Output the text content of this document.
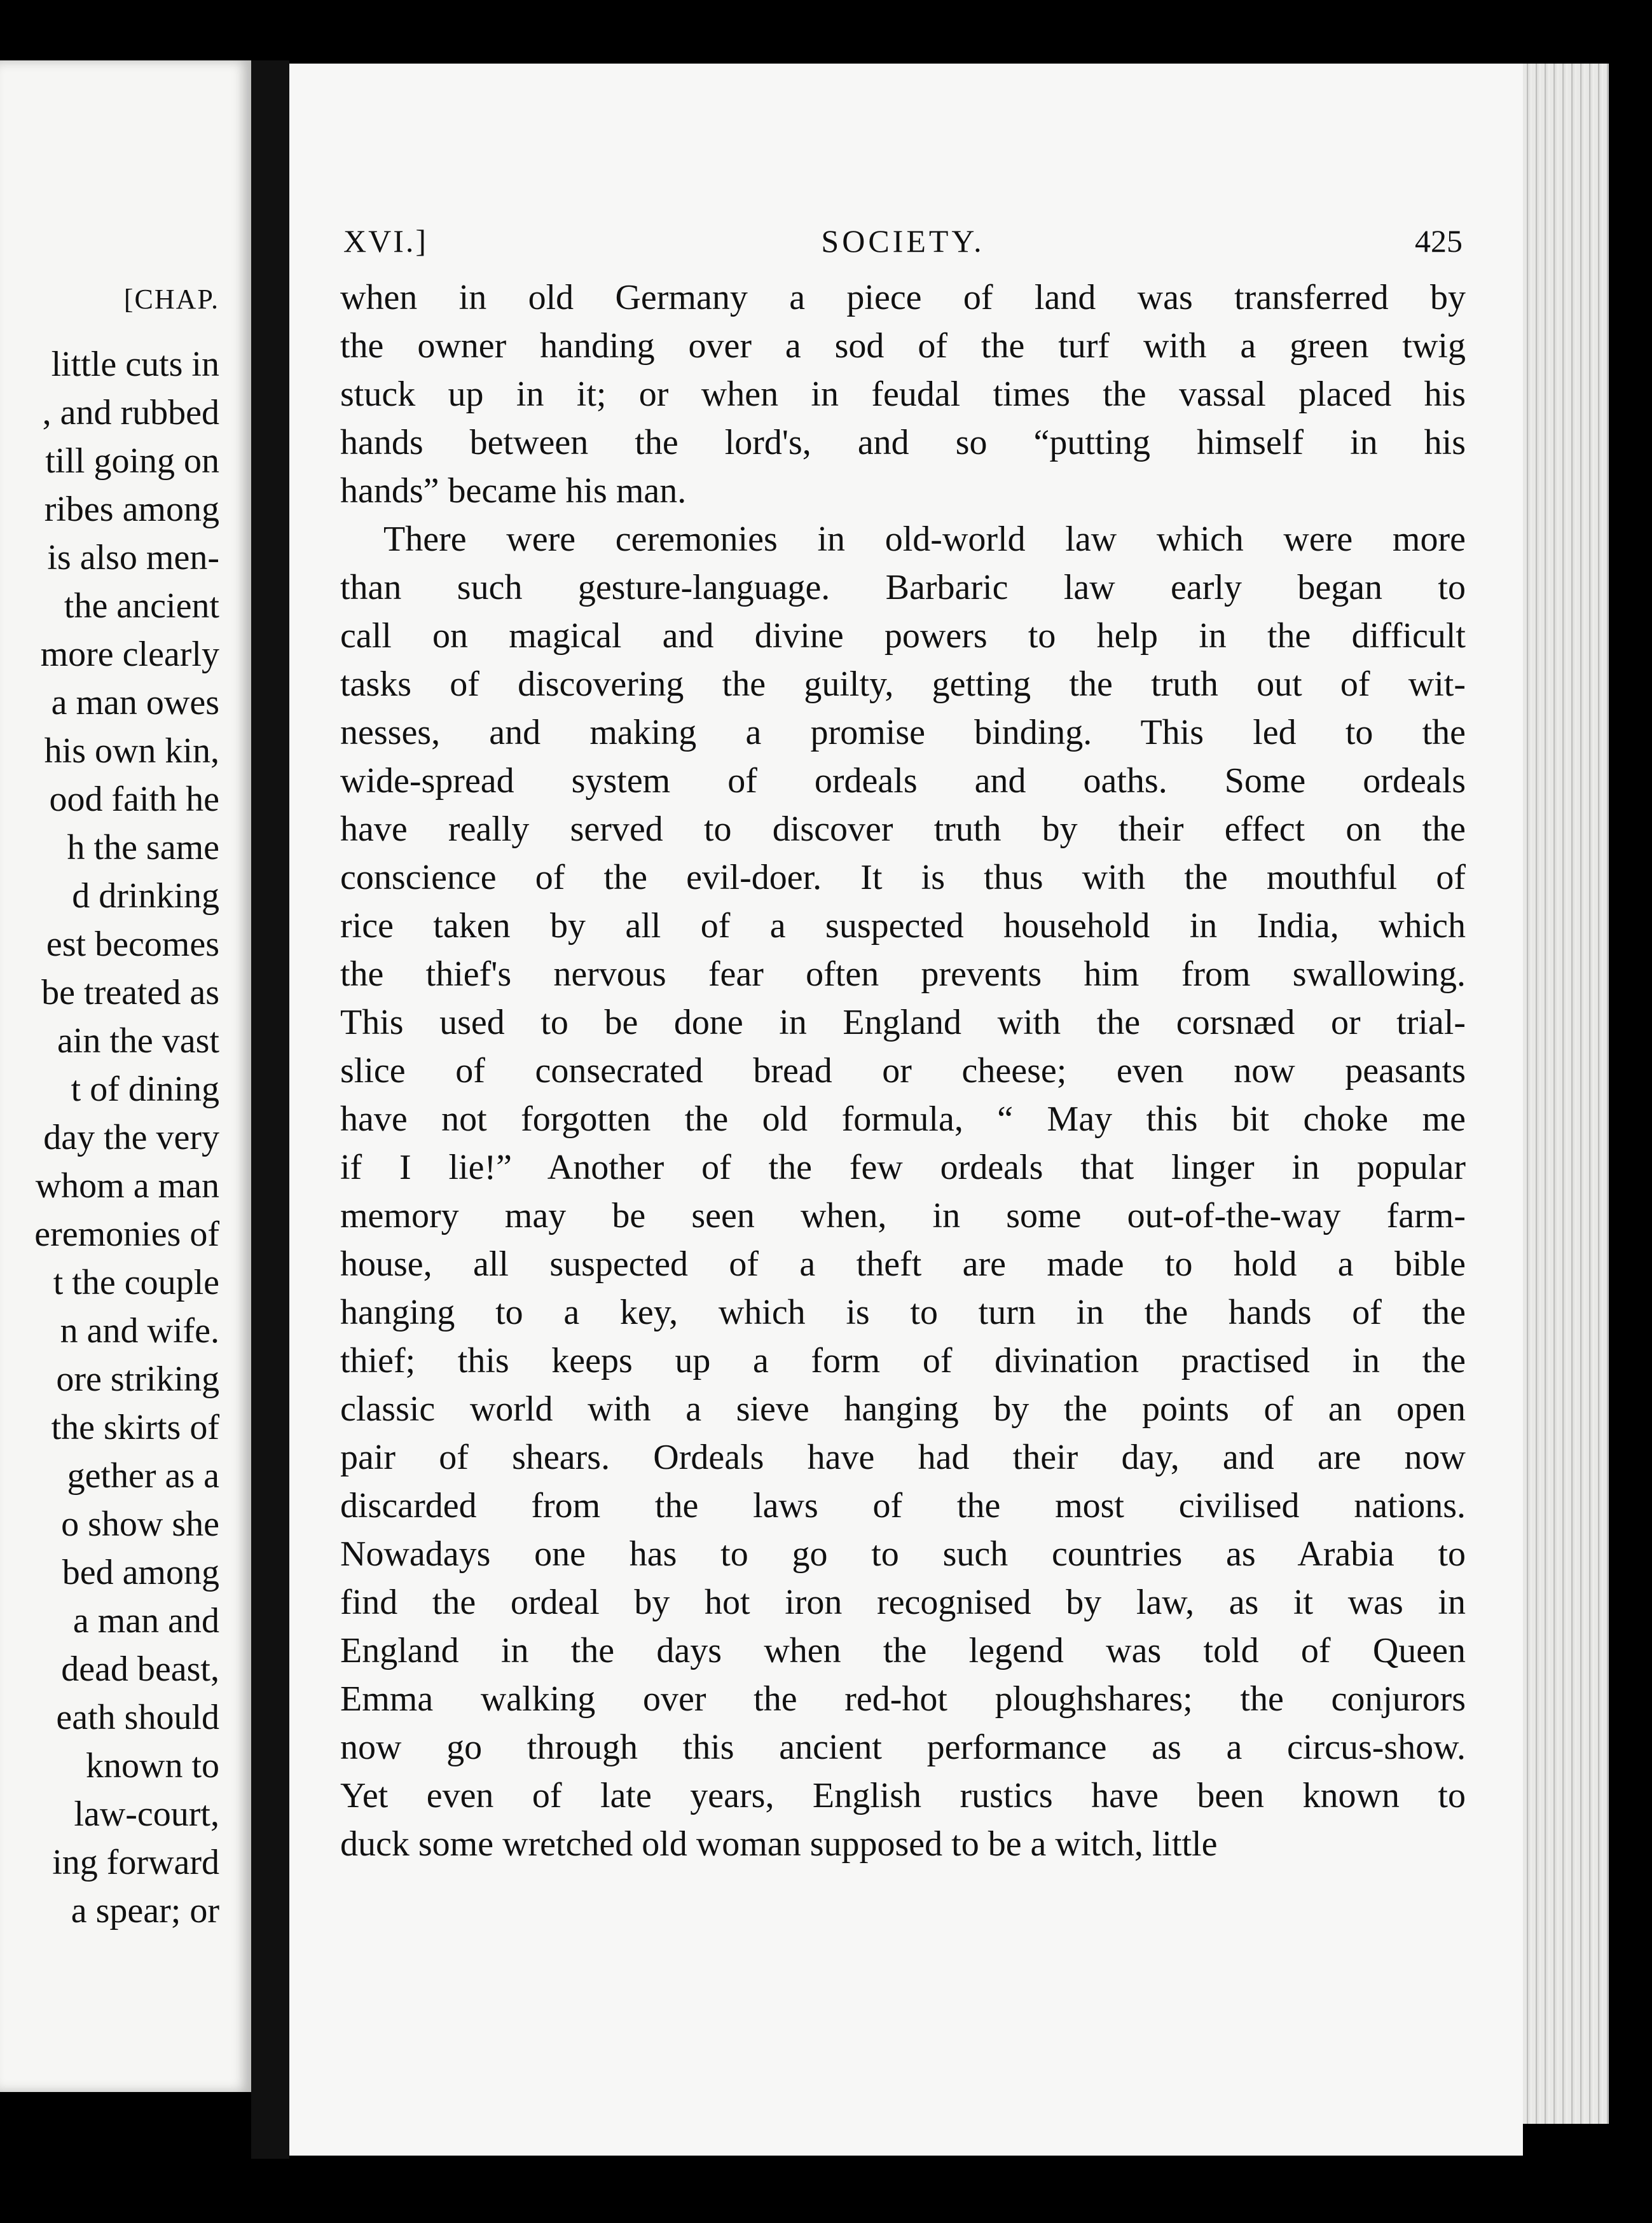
[CHAP.
little cuts in
, and rubbed
till going on
ribes among
is also men-
the ancient
more clearly
a man owes
his own kin,
ood faith he
h the same
d drinking
est becomes
be treated as
ain the vast
t of dining
day the very
whom a man
eremonies of
t the couple
n and wife.
ore striking
the skirts of
gether as a
o show she
bed among
a man and
dead beast,
eath should
known to
law-court,
ing forward
a spear; or
XVI.]	SOCIETY.	425
when in old Germany a piece of land was transferred by
the owner handing over a sod of the turf with a green twig
stuck up in it; or when in feudal times the vassal placed his
hands between the lord's, and so “putting himself in his
hands” became his man.
There were ceremonies in old-world law which were more
than such gesture-language. Barbaric law early began to
call on magical and divine powers to help in the difficult
tasks of discovering the guilty, getting the truth out of wit-
nesses, and making a promise binding. This led to the
wide-spread system of ordeals and oaths. Some ordeals
have really served to discover truth by their effect on the
conscience of the evil-doer. It is thus with the mouthful of
rice taken by all of a suspected household in India, which
the thief's nervous fear often prevents him from swallowing.
This used to be done in England with the corsnæd or trial-
slice of consecrated bread or cheese; even now peasants
have not forgotten the old formula, “ May this bit choke me
if I lie!” Another of the few ordeals that linger in popular
memory may be seen when, in some out-of-the-way farm-
house, all suspected of a theft are made to hold a bible
hanging to a key, which is to turn in the hands of the
thief; this keeps up a form of divination practised in the
classic world with a sieve hanging by the points of an open
pair of shears. Ordeals have had their day, and are now
discarded from the laws of the most civilised nations.
Nowadays one has to go to such countries as Arabia to
find the ordeal by hot iron recognised by law, as it was in
England in the days when the legend was told of Queen
Emma walking over the red-hot ploughshares; the conjurors
now go through this ancient performance as a circus-show.
Yet even of late years, English rustics have been known to
duck some wretched old woman supposed to be a witch, little
